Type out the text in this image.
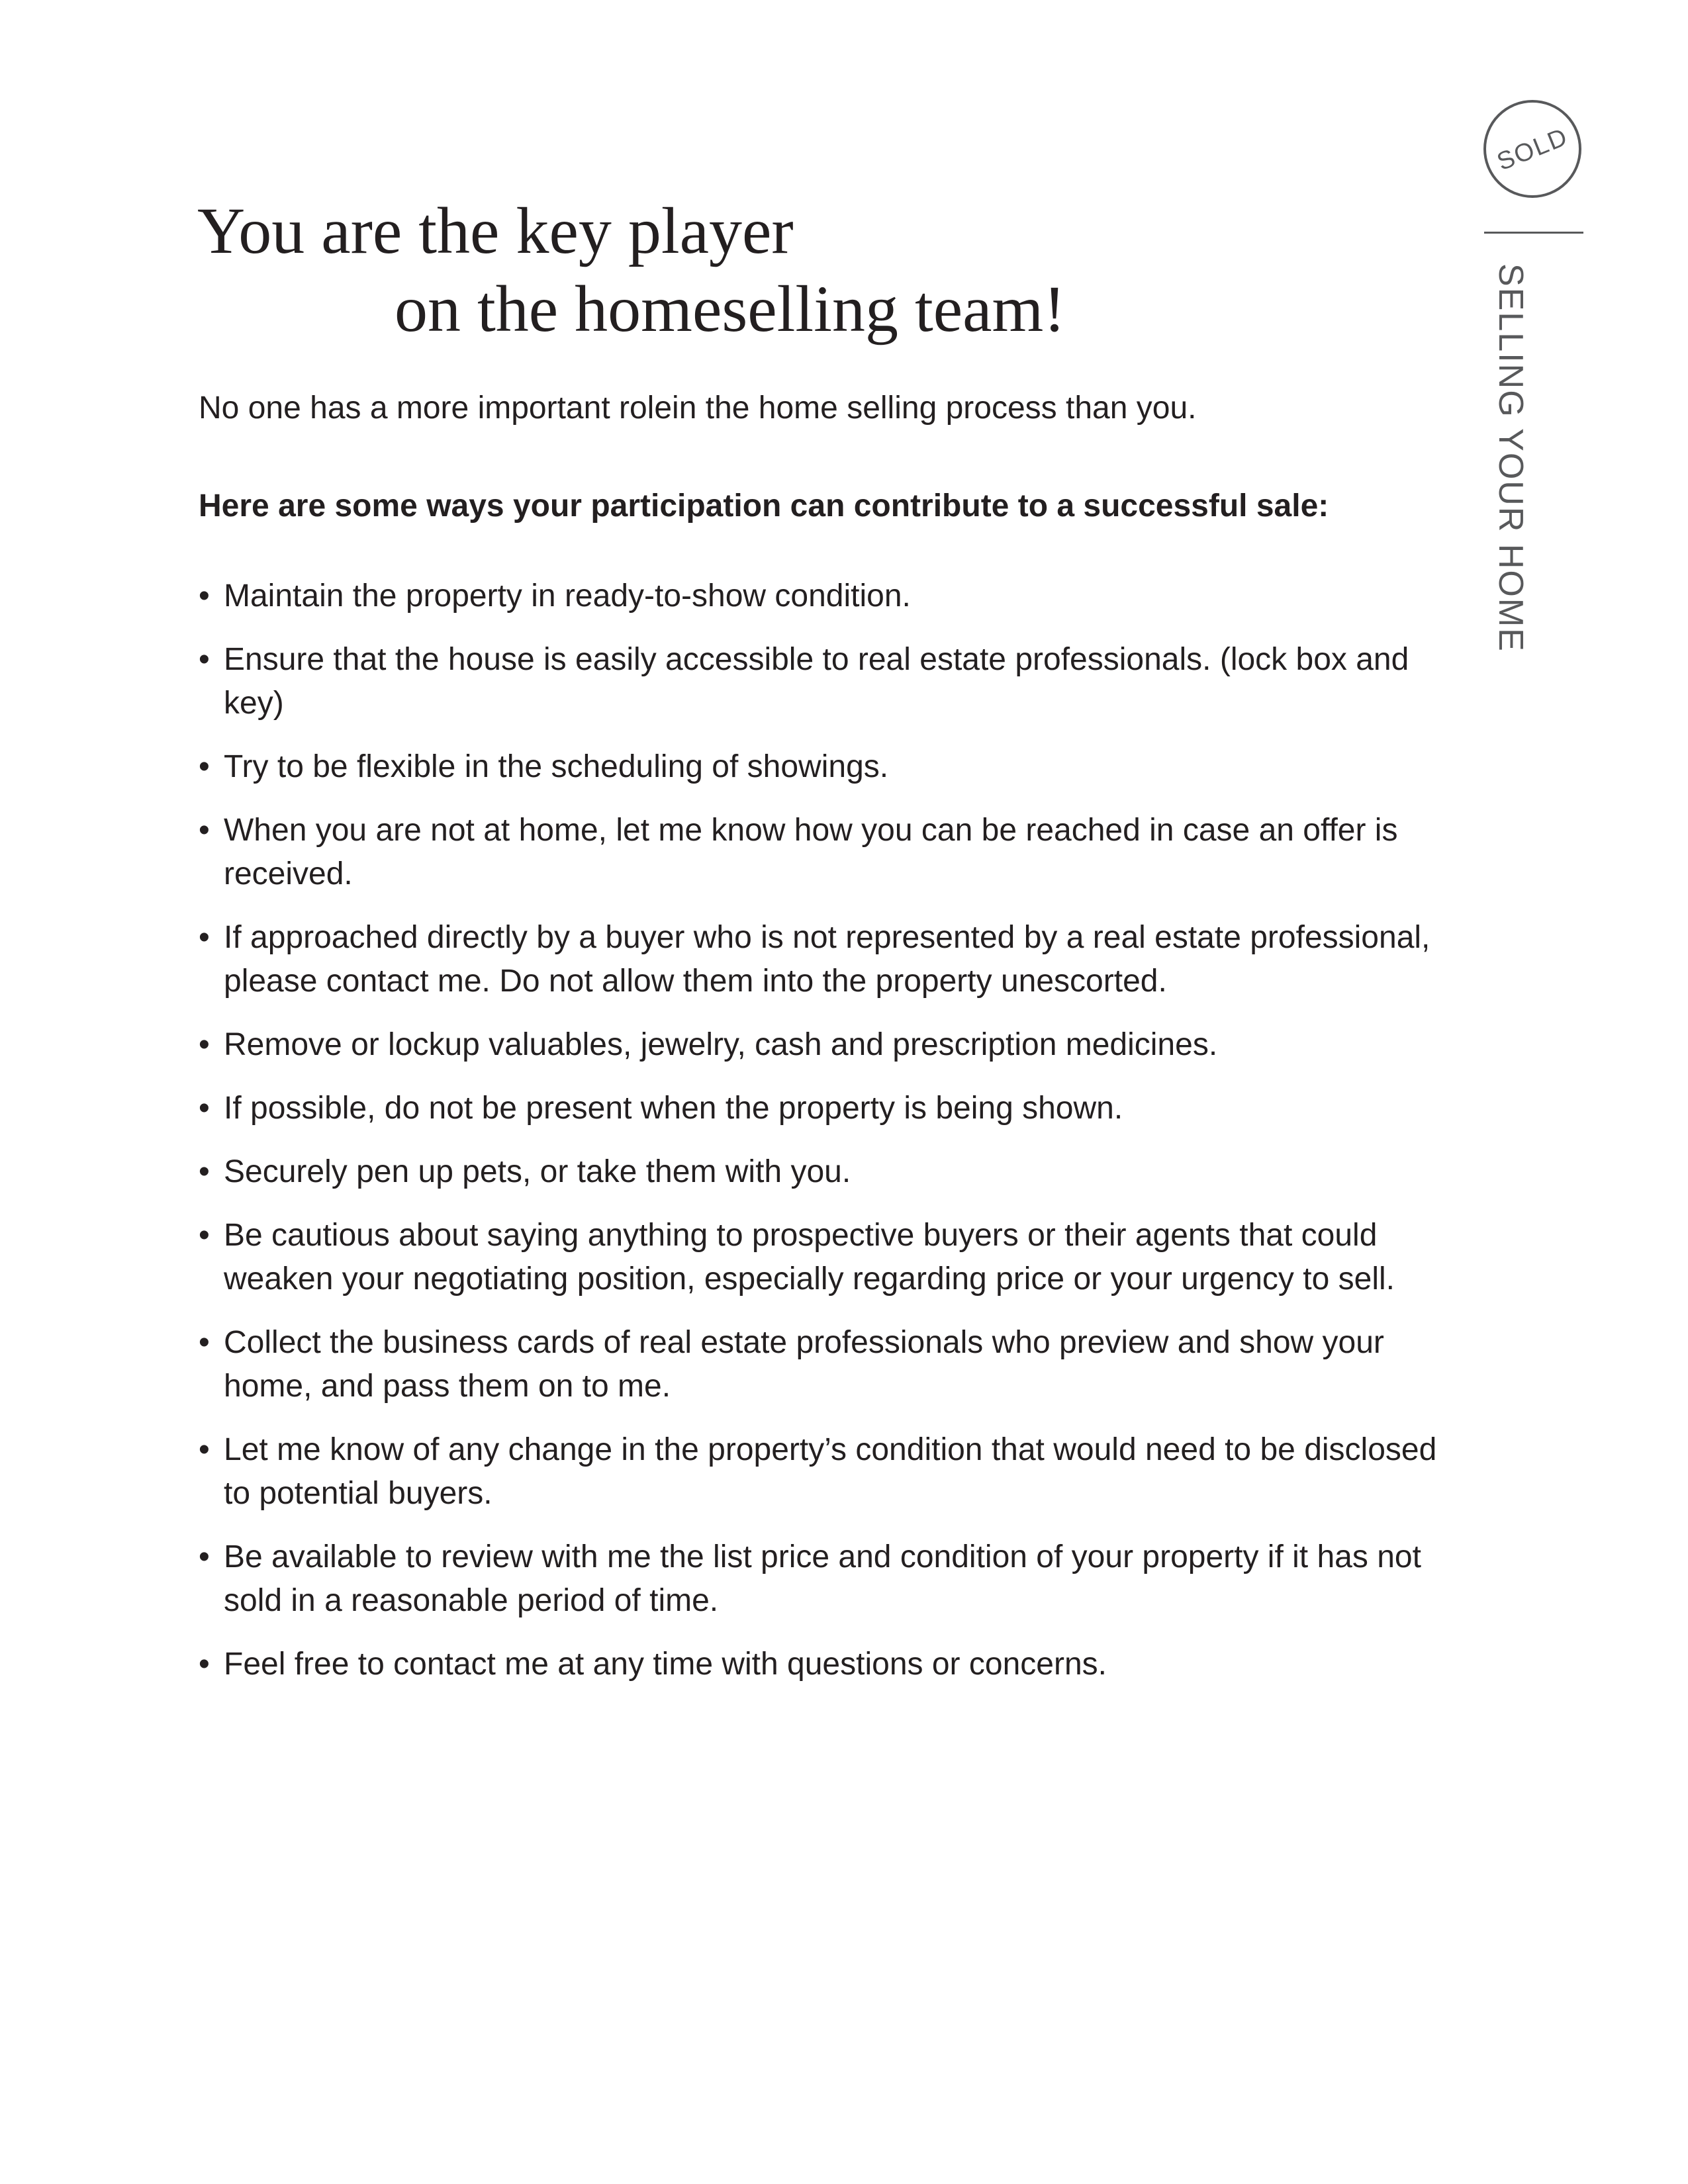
SOLD
SELLING YOUR HOME
You are the key player
on the homeselling team!

No one has a more important rolein the home selling process than you.

Here are some ways your participation can contribute to a successful sale:

• Maintain the property in ready-to-show condition.
• Ensure that the house is easily accessible to real estate professionals. (lock box and key)
• Try to be flexible in the scheduling of showings.
• When you are not at home, let me know how you can be reached in case an offer is received.
• If approached directly by a buyer who is not represented by a real estate professional, please contact me. Do not allow them into the property unescorted.
• Remove or lockup valuables, jewelry, cash and prescription medicines.
• If possible, do not be present when the property is being shown.
• Securely pen up pets, or take them with you.
• Be cautious about saying anything to prospective buyers or their agents that could weaken your negotiating position, especially regarding price or your urgency to sell.
• Collect the business cards of real estate professionals who preview and show your home, and pass them on to me.
• Let me know of any change in the property’s condition that would need to be disclosed to potential buyers.
• Be available to review with me the list price and condition of your property if it has not sold in a reasonable period of time.
• Feel free to contact me at any time with questions or concerns.
